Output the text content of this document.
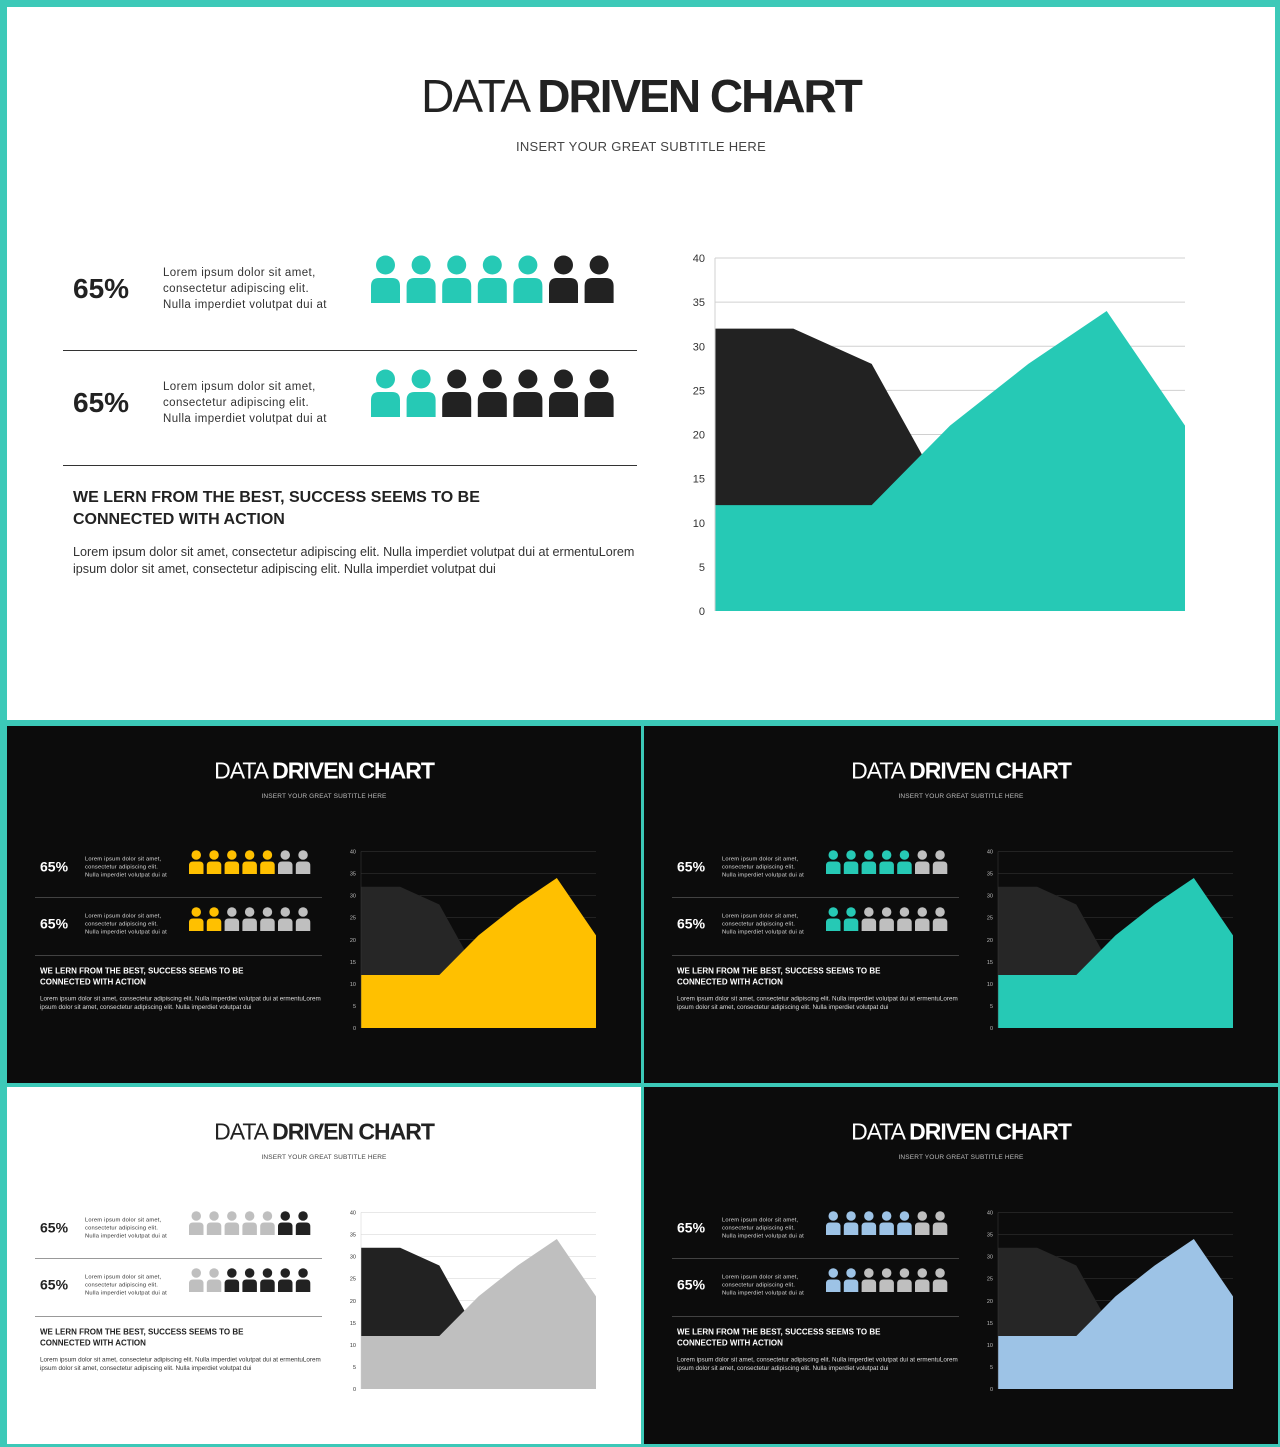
DATA DRIVEN CHART
INSERT YOUR GREAT SUBTITLE HERE
65%	Lorem ipsum dolor sit amet, consectetur adipiscing elit. Nulla imperdiet volutpat dui at
65%	Lorem ipsum dolor sit amet, consectetur adipiscing elit. Nulla imperdiet volutpat dui at
WE LERN FROM THE BEST, SUCCESS SEEMS TO BE CONNECTED WITH ACTION
Lorem ipsum dolor sit amet, consectetur adipiscing elit. Nulla imperdiet volutpat dui at ermentuLorem ipsum dolor sit amet, consectetur adipiscing elit. Nulla imperdiet volutpat dui
0
5
10
15
20
25
30
35
40
DATA DRIVEN CHART
INSERT YOUR GREAT SUBTITLE HERE
65% Lorem ipsum dolor sit amet, consectetur adipiscing elit. Nulla imperdiet volutpat dui at
65% Lorem ipsum dolor sit amet, consectetur adipiscing elit. Nulla imperdiet volutpat dui at
WE LERN FROM THE BEST, SUCCESS SEEMS TO BE CONNECTED WITH ACTION
Lorem ipsum dolor sit amet, consectetur adipiscing elit. Nulla imperdiet volutpat dui at ermentuLorem ipsum dolor sit amet, consectetur adipiscing elit. Nulla imperdiet volutpat dui
0
5
10
15
20
25
30
35
40
DATA DRIVEN CHART
INSERT YOUR GREAT SUBTITLE HERE
65% Lorem ipsum dolor sit amet, consectetur adipiscing elit. Nulla imperdiet volutpat dui at
65% Lorem ipsum dolor sit amet, consectetur adipiscing elit. Nulla imperdiet volutpat dui at
WE LERN FROM THE BEST, SUCCESS SEEMS TO BE CONNECTED WITH ACTION
Lorem ipsum dolor sit amet, consectetur adipiscing elit. Nulla imperdiet volutpat dui at ermentuLorem ipsum dolor sit amet, consectetur adipiscing elit. Nulla imperdiet volutpat dui
0
5
10
15
20
25
30
35
40
DATA DRIVEN CHART
INSERT YOUR GREAT SUBTITLE HERE
65% Lorem ipsum dolor sit amet, consectetur adipiscing elit. Nulla imperdiet volutpat dui at
65% Lorem ipsum dolor sit amet, consectetur adipiscing elit. Nulla imperdiet volutpat dui at
WE LERN FROM THE BEST, SUCCESS SEEMS TO BE CONNECTED WITH ACTION
Lorem ipsum dolor sit amet, consectetur adipiscing elit. Nulla imperdiet volutpat dui at ermentuLorem ipsum dolor sit amet, consectetur adipiscing elit. Nulla imperdiet volutpat dui
0
5
10
15
20
25
30
35
40
DATA DRIVEN CHART
INSERT YOUR GREAT SUBTITLE HERE
65% Lorem ipsum dolor sit amet, consectetur adipiscing elit. Nulla imperdiet volutpat dui at
65% Lorem ipsum dolor sit amet, consectetur adipiscing elit. Nulla imperdiet volutpat dui at
WE LERN FROM THE BEST, SUCCESS SEEMS TO BE CONNECTED WITH ACTION
Lorem ipsum dolor sit amet, consectetur adipiscing elit. Nulla imperdiet volutpat dui at ermentuLorem ipsum dolor sit amet, consectetur adipiscing elit. Nulla imperdiet volutpat dui
0
5
10
15
20
25
30
35
40
